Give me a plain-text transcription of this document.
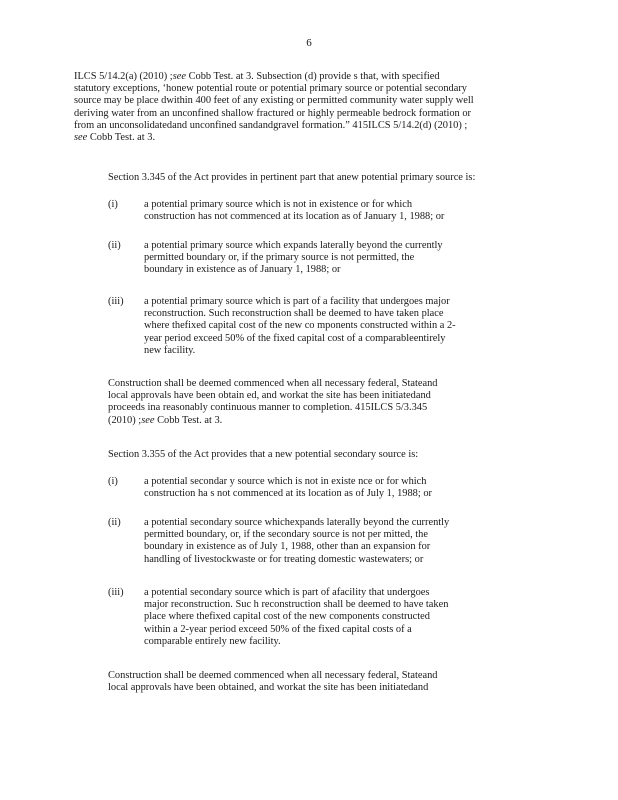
6
ILCS 5/14.2(a) (2010) ;see Cobb Test. at 3. Subsection (d) provide s that, with specified
statutory exceptions, ‘honew potential route or potential primary source or potential secondary
source may be place dwithin 400 feet of any existing or permitted community water supply well
deriving water from an unconfined shallow fractured or highly permeable bedrock formation or
from an unconsolidatedand unconfined sandandgravel formation.” 415ILCS 5/14.2(d) (2010) ;
see Cobb Test. at 3.
Section 3.345 of the Act provides in pertinent part that anew potential primary source is:
(i)	a potential primary source which is not in existence or for which
construction has not commenced at its location as of January 1, 1988; or
(ii) a potential primary source which expands laterally beyond the currently
permitted boundary or, if the primary source is not permitted, the
boundary in existence as of January 1, 1988; or
(iii) a potential primary source which is part of a facility that undergoes major
reconstruction. Such reconstruction shall be deemed to have taken place
where thefixed capital cost of the new co mponents constructed within a 2-
year period exceed 50% of the fixed capital cost of a comparableentirely
new facility.
Construction shall be deemed commenced when all necessary federal, Stateand
local approvals have been obtain ed, and workat the site has been initiatedand
proceeds ina reasonably continuous manner to completion. 415ILCS 5/3.345
(2010) ;see Cobb Test. at 3.
Section 3.355 of the Act provides that a new potential secondary source is:
(i)	a potential secondar y source which is not in existe nce or for which
construction ha s not commenced at its location as of July 1, 1988; or
(ii) a potential secondary source whichexpands laterally beyond the currently
permitted boundary, or, if the secondary source is not per mitted, the
boundary in existence as of July 1, 1988, other than an expansion for
handling of livestockwaste or for treating domestic wastewaters; or
(iii) a potential secondary source which is part of afacility that undergoes
major reconstruction. Suc h reconstruction shall be deemed to have taken
place where thefixed capital cost of the new components constructed
within a 2-year period exceed 50% of the fixed capital costs of a
comparable entirely new facility.
Construction shall be deemed commenced when all necessary federal, Stateand
local approvals have been obtained, and workat the site has been initiatedand
